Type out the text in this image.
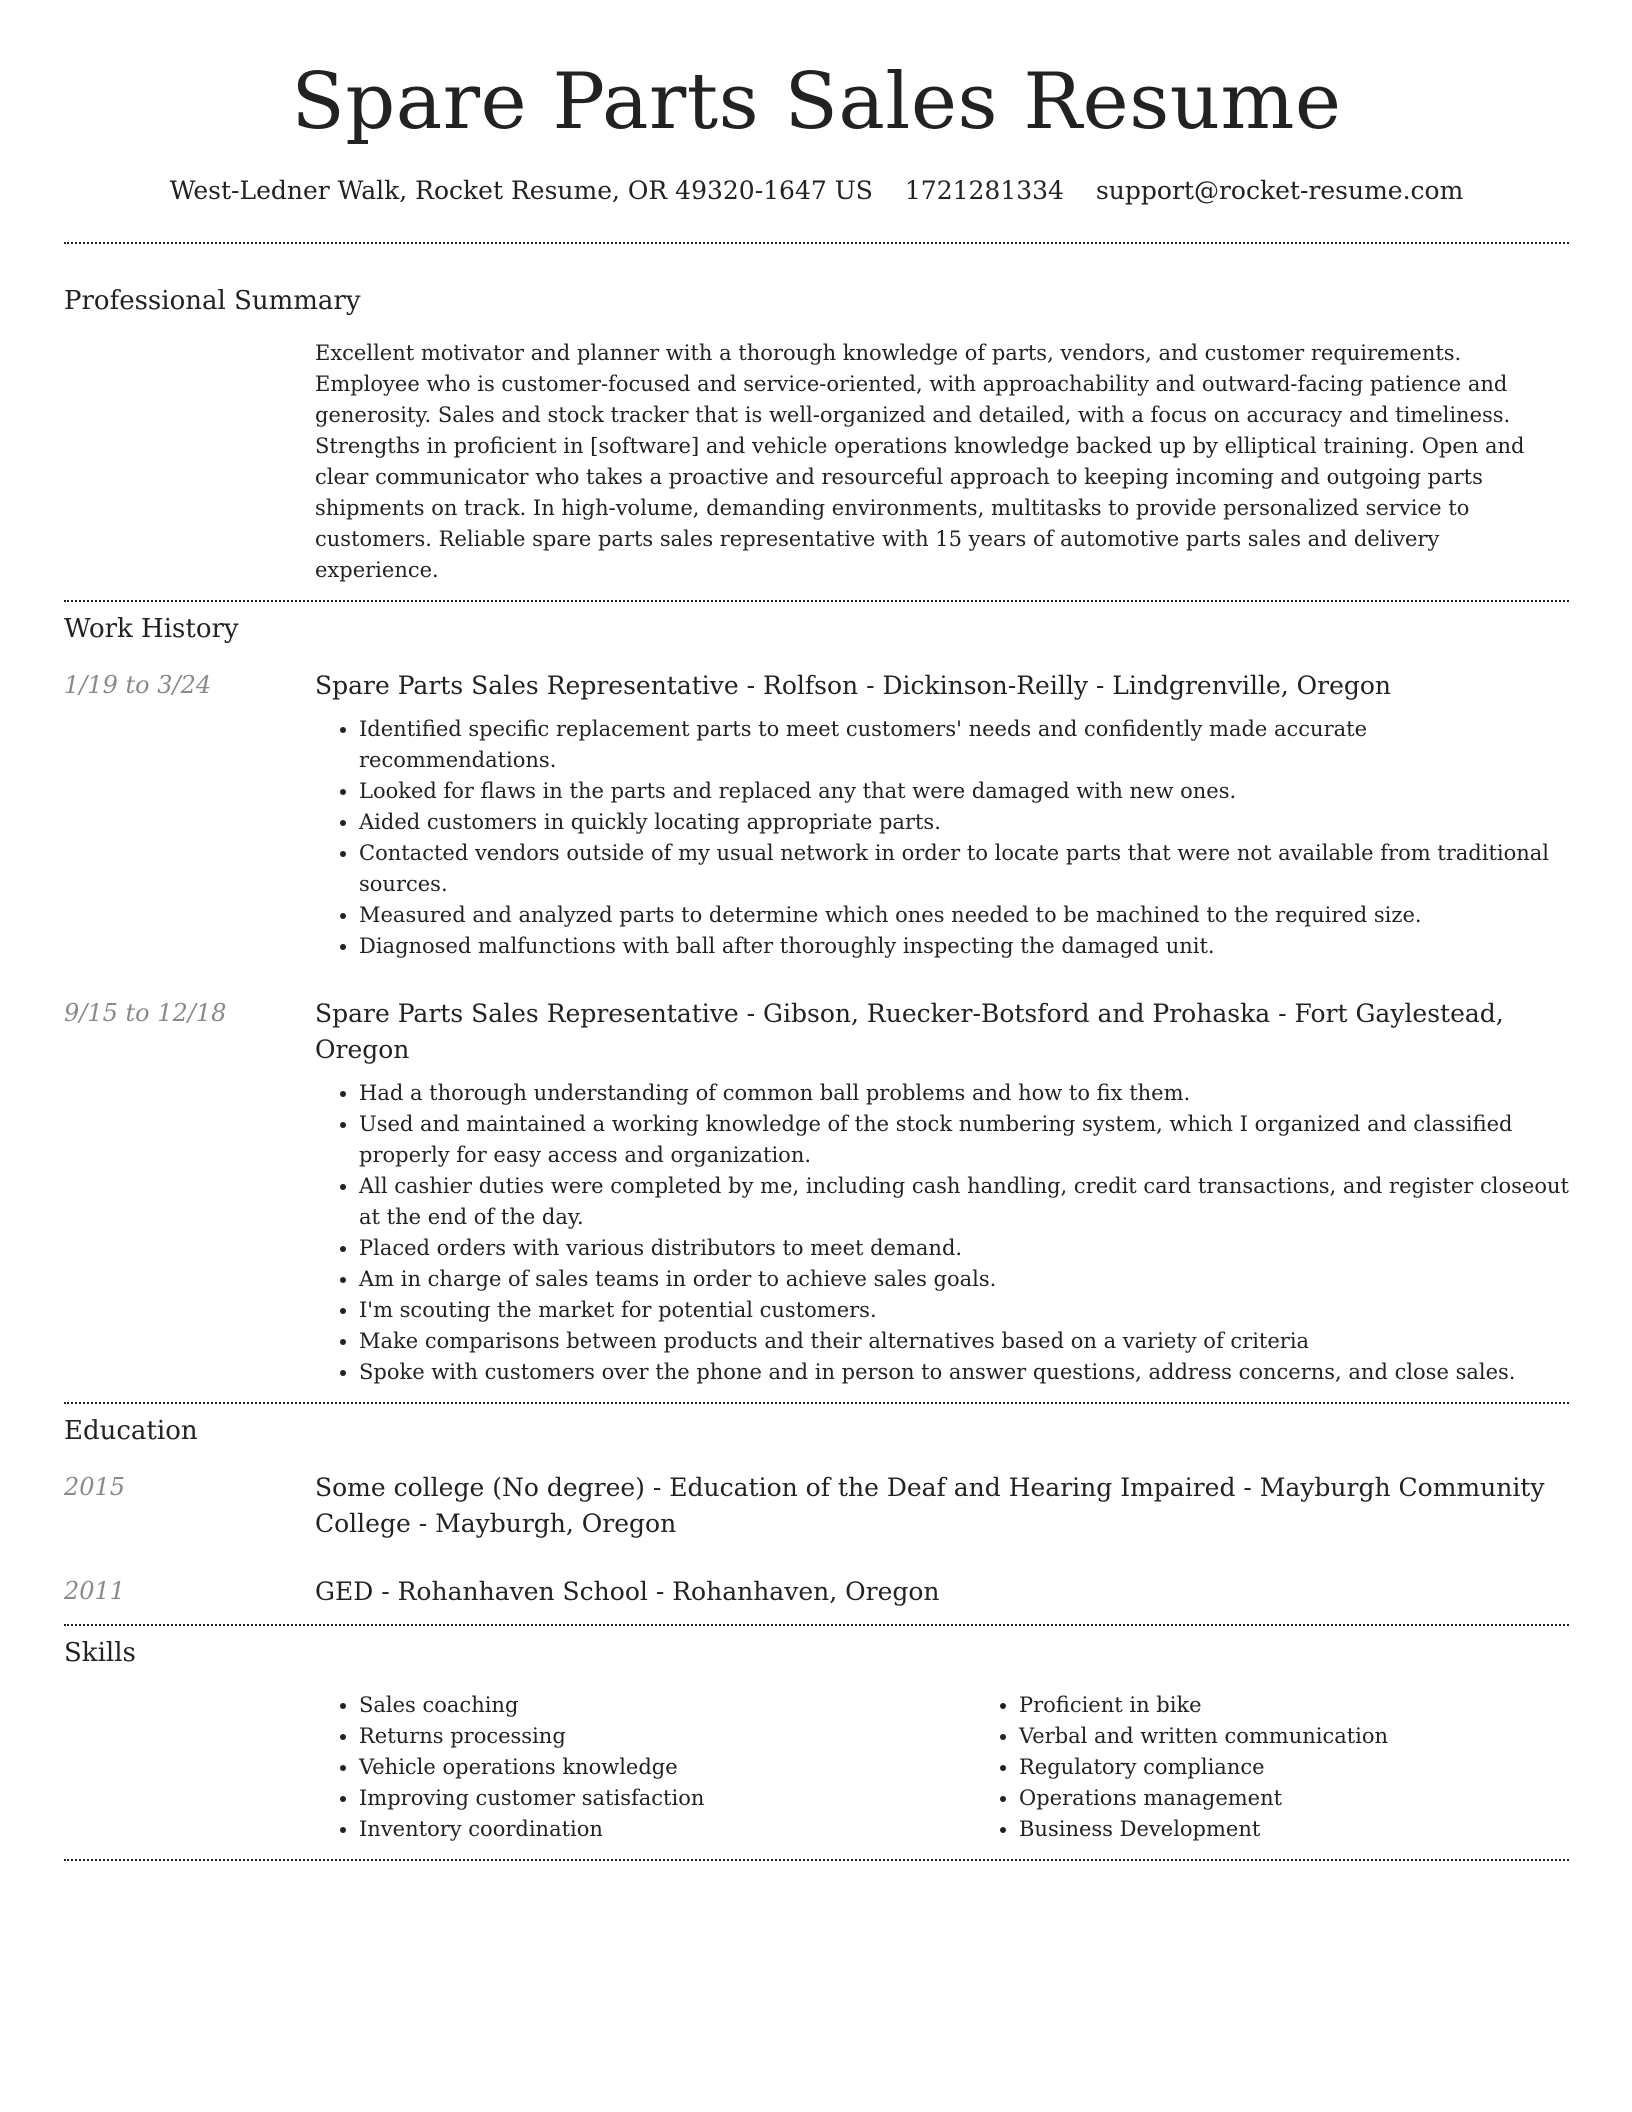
Spare Parts Sales Resume
West-Ledner Walk, Rocket Resume, OR 49320-1647 US 1721281334 support@rocket-resume.com
Professional Summary

Excellent motivator and planner with a thorough knowledge of parts, vendors, and customer requirements. Employee who is customer-focused and service-oriented, with approachability and outward-facing patience and generosity. Sales and stock tracker that is well-organized and detailed, with a focus on accuracy and timeliness. Strengths in proficient in [software] and vehicle operations knowledge backed up by elliptical training. Open and clear communicator who takes a proactive and resourceful approach to keeping incoming and outgoing parts shipments on track. In high-volume, demanding environments, multitasks to provide personalized service to customers. Reliable spare parts sales representative with 15 years of automotive parts sales and delivery experience.

Work History
1/19 to 3/24	Spare Parts Sales Representative - Rolfson - Dickinson-Reilly - Lindgrenville, Oregon

• Identified specific replacement parts to meet customers' needs and confidently made accurate recommendations.
• Looked for flaws in the parts and replaced any that were damaged with new ones.
• Aided customers in quickly locating appropriate parts.
• Contacted vendors outside of my usual network in order to locate parts that were not available from traditional sources.
• Measured and analyzed parts to determine which ones needed to be machined to the required size.
• Diagnosed malfunctions with ball after thoroughly inspecting the damaged unit.
9/15 to 12/18	Spare Parts Sales Representative - Gibson, Ruecker-Botsford and Prohaska - Fort Gaylestead, Oregon

• Had a thorough understanding of common ball problems and how to fix them.
• Used and maintained a working knowledge of the stock numbering system, which I organized and classified properly for easy access and organization.
• All cashier duties were completed by me, including cash handling, credit card transactions, and register closeout at the end of the day.
• Placed orders with various distributors to meet demand.
• Am in charge of sales teams in order to achieve sales goals.
• I'm scouting the market for potential customers.
• Make comparisons between products and their alternatives based on a variety of criteria
• Spoke with customers over the phone and in person to answer questions, address concerns, and close sales.
Education
2015	Some college (No degree) - Education of the Deaf and Hearing Impaired - Mayburgh Community College - Mayburgh, Oregon

2011	GED - Rohanhaven School - Rohanhaven, Oregon

Skills
• Sales coaching
• Returns processing
• Vehicle operations knowledge
• Improving customer satisfaction
• Inventory coordination
• Proficient in bike
• Verbal and written communication
• Regulatory compliance
• Operations management
• Business Development
